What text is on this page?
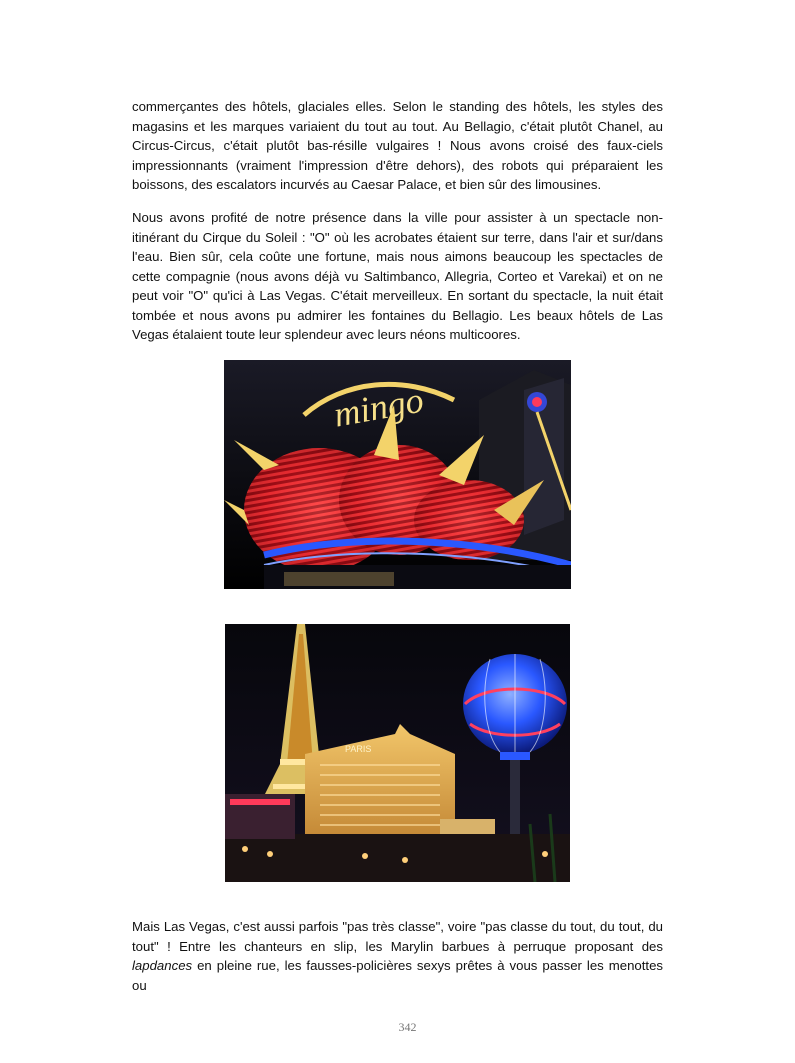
commerçantes des hôtels, glaciales elles. Selon le standing des hôtels, les styles des magasins et les marques variaient du tout au tout. Au Bellagio, c'était plutôt Chanel, au Circus-Circus, c'était plutôt bas-résille vulgaires ! Nous avons croisé des faux-ciels impressionnants (vraiment l'impression d'être dehors), des robots qui préparaient les boissons, des escalators incurvés au Caesar Palace, et bien sûr des limousines.

Nous avons profité de notre présence dans la ville pour assister à un spectacle non-itinérant du Cirque du Soleil : "O" où les acrobates étaient sur terre, dans l'air et sur/dans l'eau. Bien sûr, cela coûte une fortune, mais nous aimons beaucoup les spectacles de cette compagnie (nous avons déjà vu Saltimbanco, Allegria, Corteo et Varekai) et on ne peut voir "O" qu'ici à Las Vegas. C'était merveilleux. En sortant du spectacle, la nuit était tombée et nous avons pu admirer les fontaines du Bellagio. Les beaux hôtels de Las Vegas étalaient toute leur splendeur avec leurs néons multicoores.

mingo
PARIS

Mais Las Vegas, c'est aussi parfois "pas très classe", voire "pas classe du tout, du tout, du tout" ! Entre les chanteurs en slip, les Marylin barbues à perruque proposant des lapdances en pleine rue, les fausses-policières sexys prêtes à vous passer les menottes ou

342
